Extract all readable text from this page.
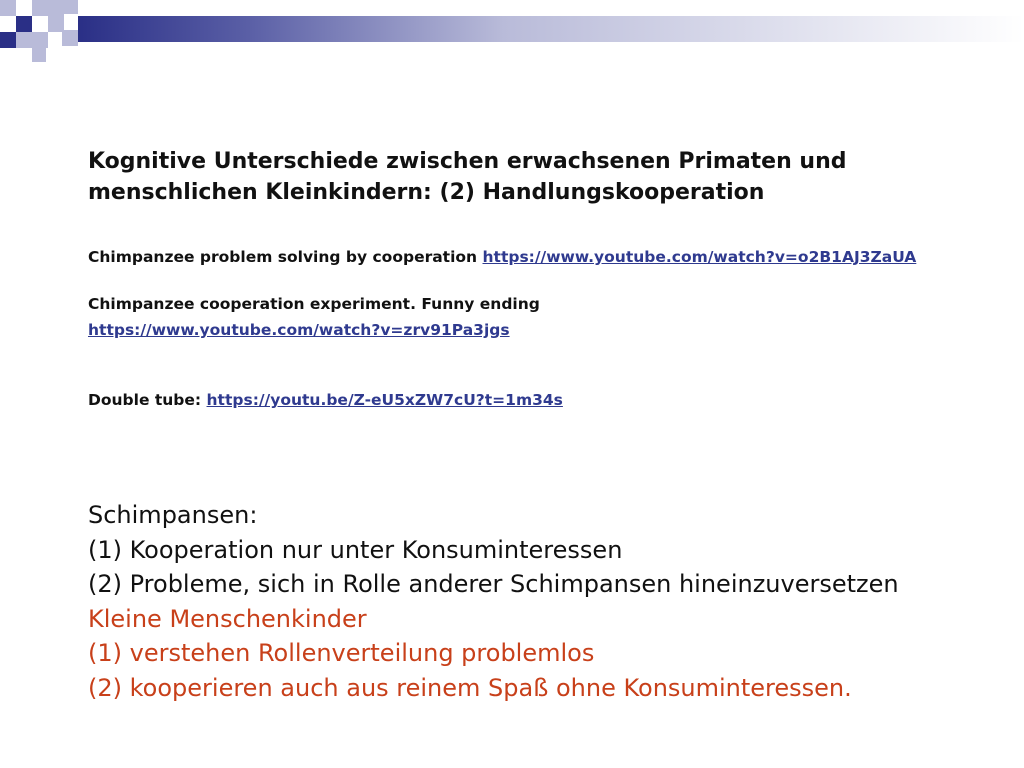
Kognitive Unterschiede zwischen erwachsenen Primaten und
menschlichen Kleinkindern: (2) Handlungskooperation
Chimpanzee problem solving by cooperation https://www.youtube.com/watch?v=o2B1AJ3ZaUA
Chimpanzee cooperation experiment. Funny ending
https://www.youtube.com/watch?v=zrv91Pa3jgs
Double tube: https://youtu.be/Z-eU5xZW7cU?t=1m34s
Schimpansen:
(1) Kooperation nur unter Konsuminteressen
(2) Probleme, sich in Rolle anderer Schimpansen hineinzuversetzen
Kleine Menschenkinder
(1) verstehen Rollenverteilung problemlos
(2) kooperieren auch aus reinem Spaß ohne Konsuminteressen.
